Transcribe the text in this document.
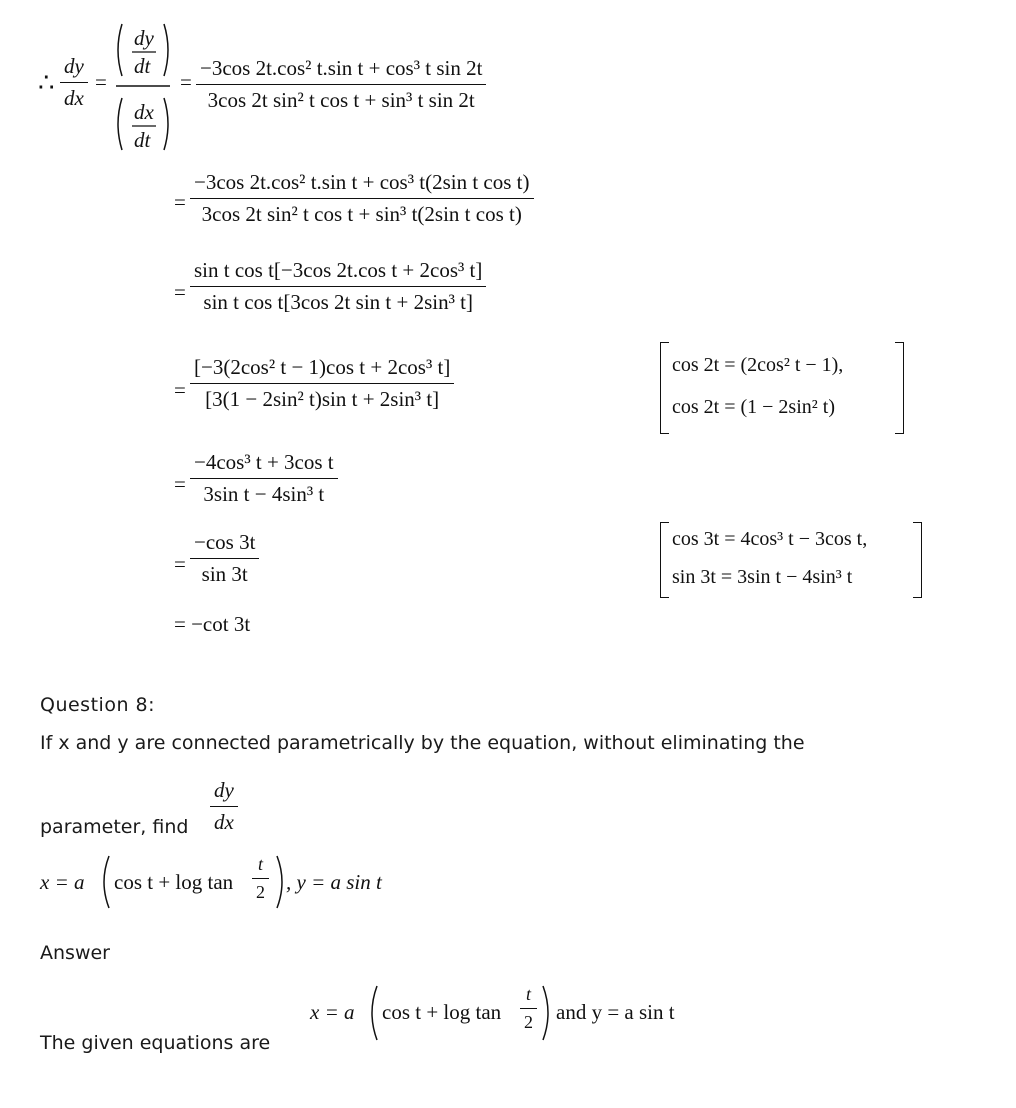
∴ $\frac{dy}{dx}$ =
dy
dt
dx
dt
= $\frac{\text{−3cos 2t.cos² t.sin t + cos³ t sin 2t}}{\text{3cos 2t sin² t cos t + sin³ t sin 2t}}$
= $\frac{\text{−3cos 2t.cos² t.sin t + cos³ t(2sin t cos t)}}{\text{3cos 2t sin² t cos t + sin³ t(2sin t cos t)}}$
= $\frac{\text{sin t cos t[−3cos 2t.cos t + 2cos³ t]}}{\text{sin t cos t[3cos 2t sin t + 2sin³ t]}}$
= $\frac{\text{[−3(2cos² t − 1)cos t + 2cos³ t]}}{\text{[3(1 − 2sin² t)sin t + 2sin³ t]}}$	cos 2t = (2cos² t − 1),
cos 2t = (1 − 2sin² t)
= $\frac{\text{−4cos³ t + 3cos t}}{\text{3sin t − 4sin³ t}}$
= $\frac{-\cos 3t}{\sin 3t}$	cos 3t = 4cos³ t − 3cos t,
sin 3t = 3sin t − 4sin³ t
= −cot 3t
Question 8:
If x and y are connected parametrically by the equation, without eliminating the
parameter, find $\frac{dy}{dx}$
x = a cos t + log tan
t
2 , y = a sin t
Answer
x = a cos t + log tan
t
2 and y = a sin t
The given equations are
